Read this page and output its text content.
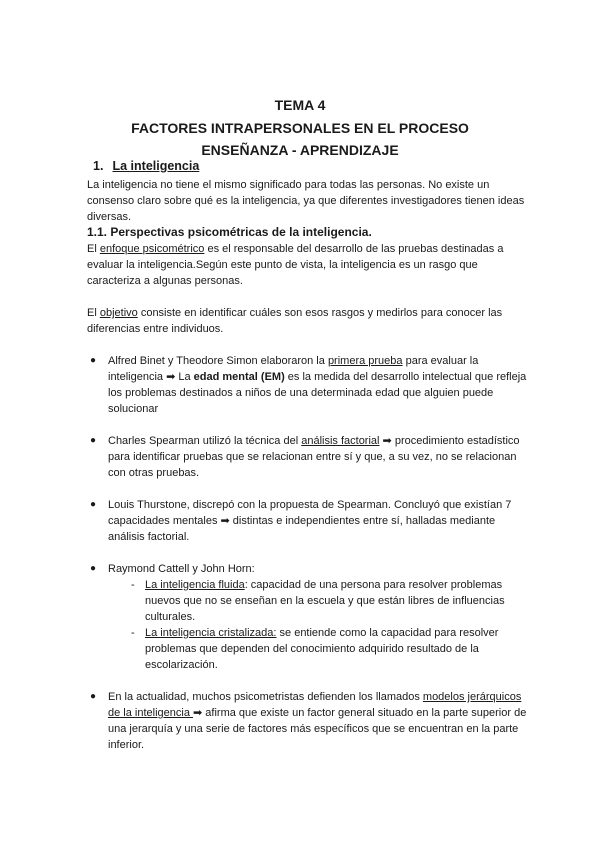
TEMA 4
FACTORES INTRAPERSONALES EN EL PROCESO
ENSEÑANZA - APRENDIZAJE
1. La inteligencia
La inteligencia no tiene el mismo significado para todas las personas. No existe un consenso claro sobre qué es la inteligencia, ya que diferentes investigadores tienen ideas diversas.
1.1. Perspectivas psicométricas de la inteligencia.
El enfoque psicométrico es el responsable del desarrollo de las pruebas destinadas a evaluar la inteligencia.Según este punto de vista, la inteligencia es un rasgo que caracteriza a algunas personas.
El objetivo consiste en identificar cuáles son esos rasgos y medirlos para conocer las diferencias entre individuos.
● Alfred Binet y Theodore Simon elaboraron la primera prueba para evaluar la inteligencia ➡ La edad mental (EM) es la medida del desarrollo intelectual que refleja los problemas destinados a niños de una determinada edad que alguien puede solucionar
● Charles Spearman utilizó la técnica del análisis factorial ➡ procedimiento estadístico para identificar pruebas que se relacionan entre sí y que, a su vez, no se relacionan con otras pruebas.
● Louis Thurstone, discrepó con la propuesta de Spearman. Concluyó que existían 7 capacidades mentales ➡ distintas e independientes entre sí, halladas mediante análisis factorial.
● Raymond Cattell y John Horn:
- La inteligencia fluida: capacidad de una persona para resolver problemas nuevos que no se enseñan en la escuela y que están libres de influencias culturales.
- La inteligencia cristalizada: se entiende como la capacidad para resolver problemas que dependen del conocimiento adquirido resultado de la escolarización.
● En la actualidad, muchos psicometristas defienden los llamados modelos jerárquicos de la inteligencia ➡ afirma que existe un factor general situado en la parte superior de una jerarquía y una serie de factores más específicos que se encuentran en la parte inferior.
